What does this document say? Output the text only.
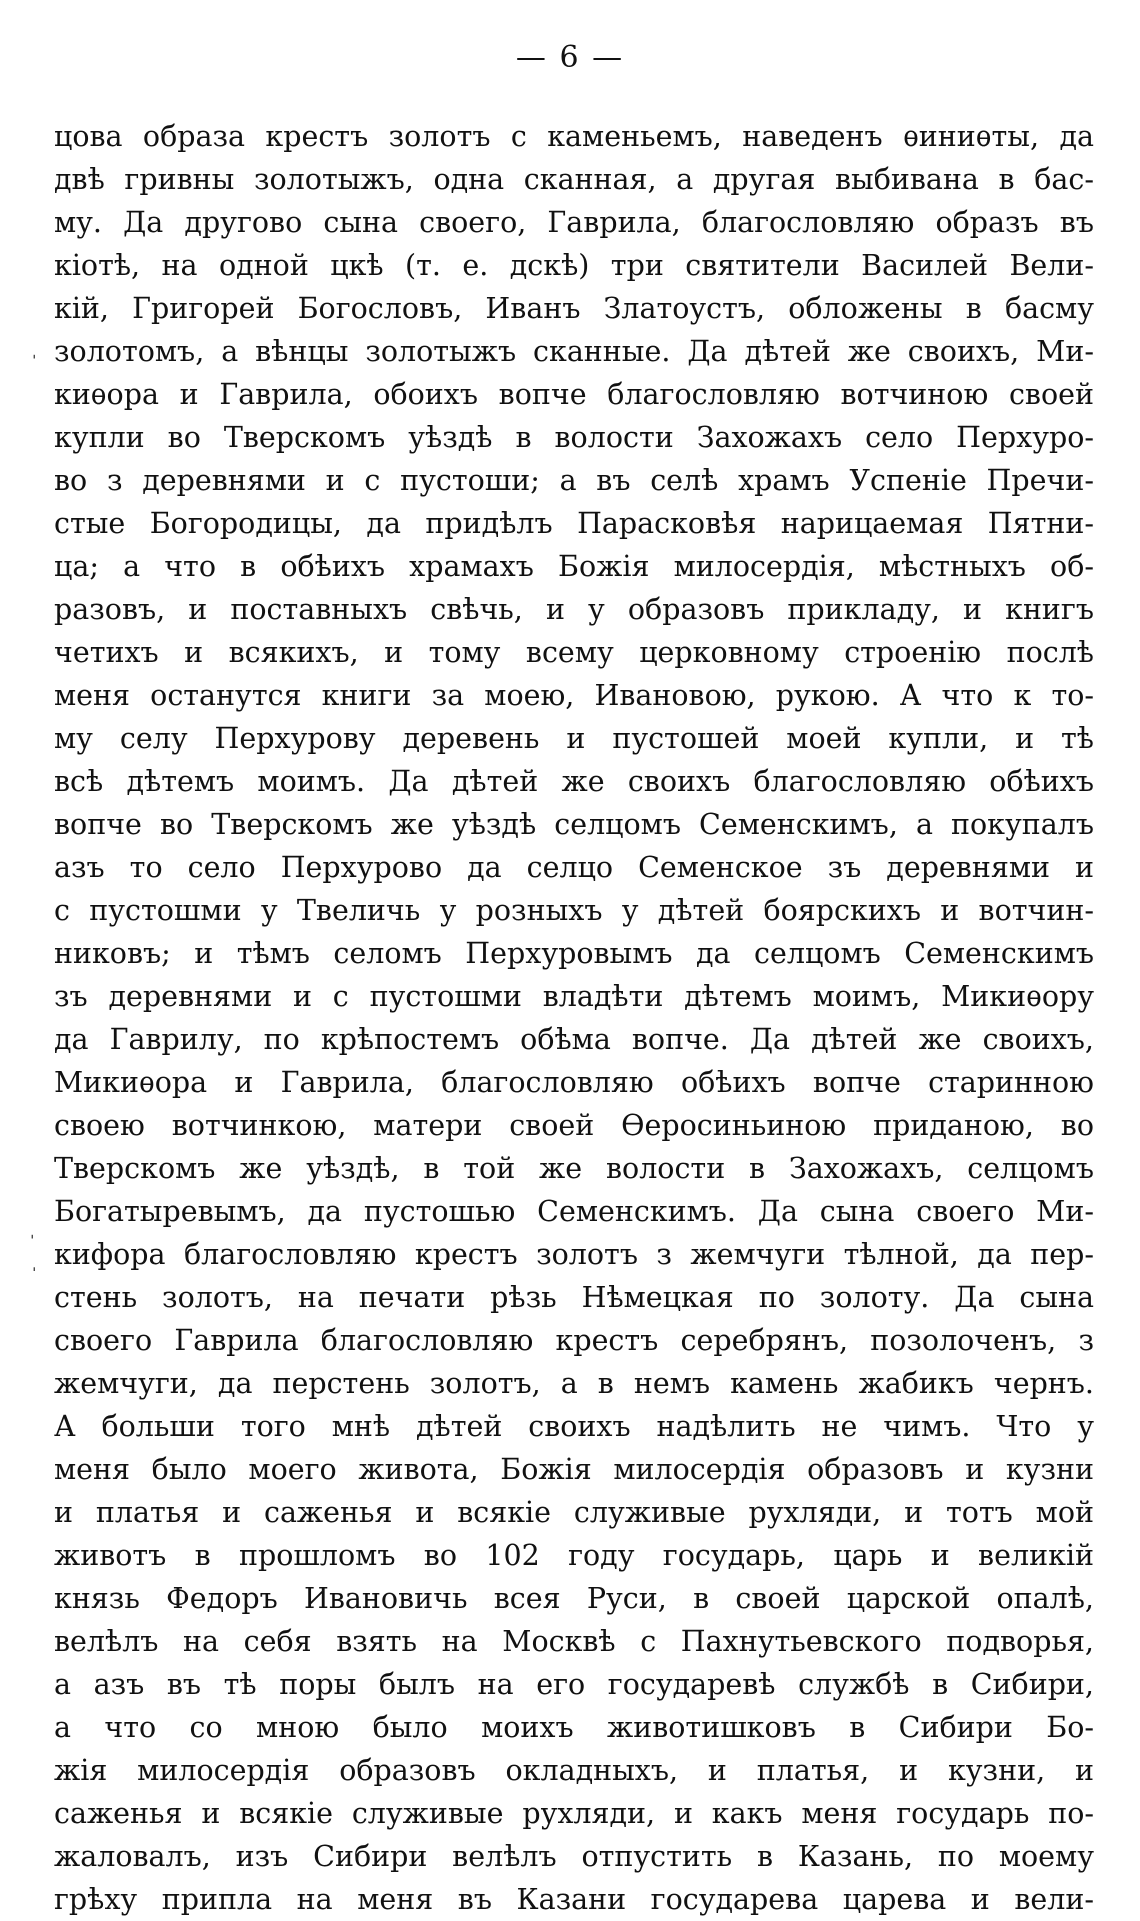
— 6 —
ˈ
ˈ
ˌ
цова образа крестъ золотъ с каменьемъ, наведенъ ѳиниѳты, да
двѣ гривны золотыжъ, одна сканная, а другая выбивана в бас-
му. Да другово сына своего, Гаврила, благословляю образъ въ
кiотѣ, на одной цкѣ (т. е. дскѣ) три святители Василей Вели-
кiй, Григорей Богословъ, Иванъ Златоустъ, обложены в басму
золотомъ, а вѣнцы золотыжъ сканные. Да дѣтей же своихъ, Ми-
киѳора и Гаврила, обоихъ вопче благословляю вотчиною своей
купли во Тверскомъ уѣздѣ в волости Захожахъ село Перхуро-
во з деревнями и с пустоши; а въ селѣ храмъ Успенiе Пречи-
стые Богородицы, да придѣлъ Парасковѣя нарицаемая Пятни-
ца; а что в обѣихъ храмахъ Божiя милосердiя, мѣстныхъ об-
разовъ, и поставныхъ свѣчь, и у образовъ прикладу, и книгъ
четихъ и всякихъ, и тому всему церковному строенiю послѣ
меня останутся книги за моею, Ивановою, рукою. А что к то-
му селу Перхурову деревень и пустошей моей купли, и тѣ
всѣ дѣтемъ моимъ. Да дѣтей же своихъ благословляю обѣихъ
вопче во Тверскомъ же уѣздѣ селцомъ Семенскимъ, а покупалъ
азъ то село Перхурово да селцо Семенское зъ деревнями и
с пустошми у Твеличь у розныхъ у дѣтей боярскихъ и вотчин-
никовъ; и тѣмъ селомъ Перхуровымъ да селцомъ Семенскимъ
зъ деревнями и с пустошми владѣти дѣтемъ моимъ, Микиѳору
да Гаврилу, по крѣпостемъ обѣма вопче. Да дѣтей же своихъ,
Микиѳора и Гаврила, благословляю обѣихъ вопче старинною
своею вотчинкою, матери своей Ѳеросиньиною приданою, во
Тверскомъ же уѣздѣ, в той же волости в Захожахъ, селцомъ
Богатыревымъ, да пустошью Семенскимъ. Да сына своего Ми-
кифора благословляю крестъ золотъ з жемчуги тѣлной, да пер-
стень золотъ, на печати рѣзь Нѣмецкая по золоту. Да сына
своего Гаврила благословляю крестъ серебрянъ, позолоченъ, з
жемчуги, да перстень золотъ, а в немъ камень жабикъ чернъ.
А больши того мнѣ дѣтей своихъ надѣлить не чимъ. Что у
меня было моего живота, Божiя милосердiя образовъ и кузни
и платья и саженья и всякiе служивые рухляди, и тотъ мой
животъ в прошломъ во 102 году государь, царь и великiй
князь Федоръ Ивановичь всея Руси, в своей царской опалѣ,
велѣлъ на себя взять на Москвѣ с Пахнутьевского подворья,
а азъ въ тѣ поры былъ на его государевѣ службѣ в Сибири,
а что со мною было моихъ животишковъ в Сибири Бо-
жiя милосердiя образовъ окладныхъ, и платья, и кузни, и
саженья и всякiе служивые рухляди, и какъ меня государь по-
жаловалъ, изъ Сибири велѣлъ отпустить в Казань, по моему
грѣху припла на меня въ Казани государева царева и вели-
